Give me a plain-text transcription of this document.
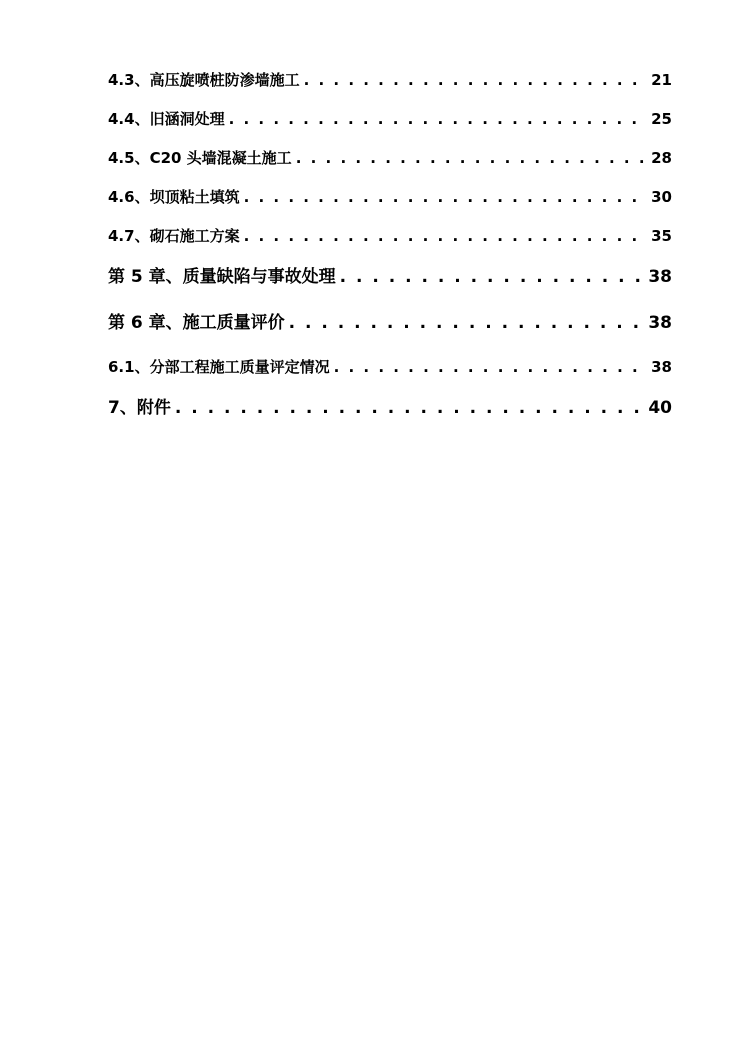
4.3、高压旋喷桩防渗墙施工 . . .	21
4.4、旧涵洞处理 . . .	25
4.5、C20 头墙混凝土施工 . . .	28
4.6、坝顶粘土填筑 . . .	30
4.7、砌石施工方案 . . .	35
第 5 章、质量缺陷与事故处理 . . .	38
第 6 章、施工质量评价 . . .	38
6.1、分部工程施工质量评定情况 . . .	38
7、附件 . . .	40
